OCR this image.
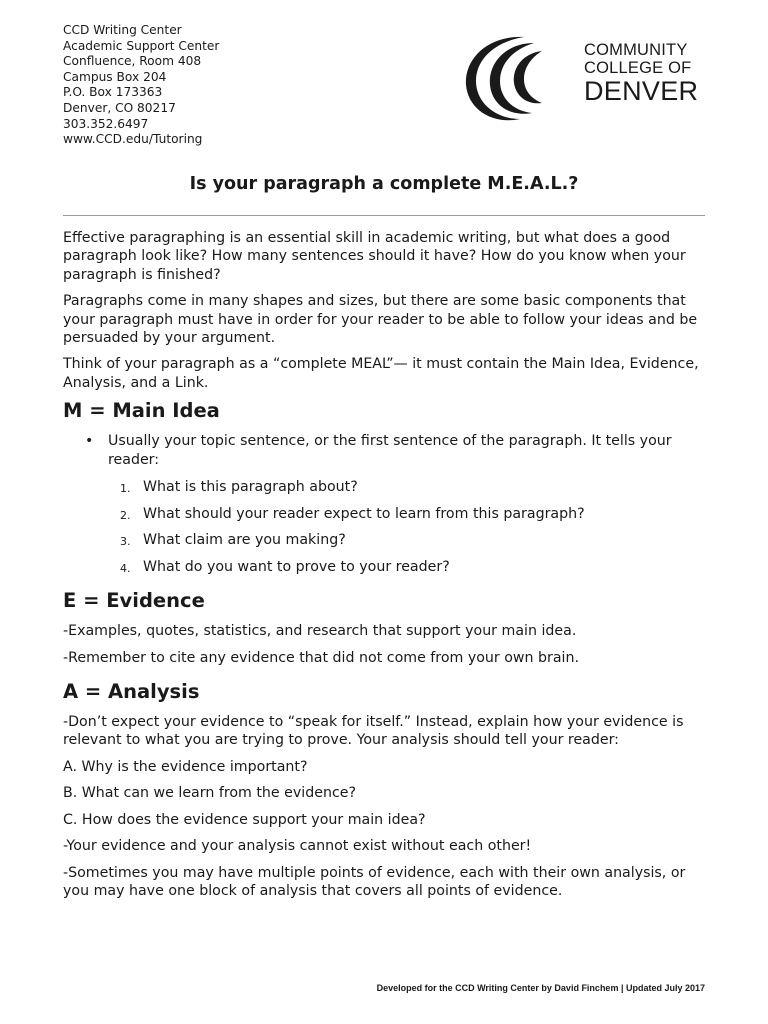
CCD Writing Center
Academic Support Center
Confluence, Room 408
Campus Box 204
P.O. Box 173363
Denver, CO 80217
303.352.6497
www.CCD.edu/Tutoring
COMMUNITY
COLLEGE OF
DENVER
Is your paragraph a complete M.E.A.L.?

Effective paragraphing is an essential skill in academic writing, but what does a good paragraph look like? How many sentences should it have? How do you know when your paragraph is finished?

Paragraphs come in many shapes and sizes, but there are some basic components that your paragraph must have in order for your reader to be able to follow your ideas and be persuaded by your argument.

Think of your paragraph as a “complete MEAL”— it must contain the Main Idea, Evidence, Analysis, and a Link.

M = Main Idea
• Usually your topic sentence, or the first sentence of the paragraph. It tells your reader:
1. What is this paragraph about?
2. What should your reader expect to learn from this paragraph?
3. What claim are you making?
4. What do you want to prove to your reader?
E = Evidence

-Examples, quotes, statistics, and research that support your main idea.

-Remember to cite any evidence that did not come from your own brain.

A = Analysis

-Don’t expect your evidence to “speak for itself.” Instead, explain how your evidence is relevant to what you are trying to prove. Your analysis should tell your reader:

A. Why is the evidence important?

B. What can we learn from the evidence?

C. How does the evidence support your main idea?

-Your evidence and your analysis cannot exist without each other!

-Sometimes you may have multiple points of evidence, each with their own analysis, or you may have one block of analysis that covers all points of evidence.

Developed for the CCD Writing Center by David Finchem | Updated July 2017
